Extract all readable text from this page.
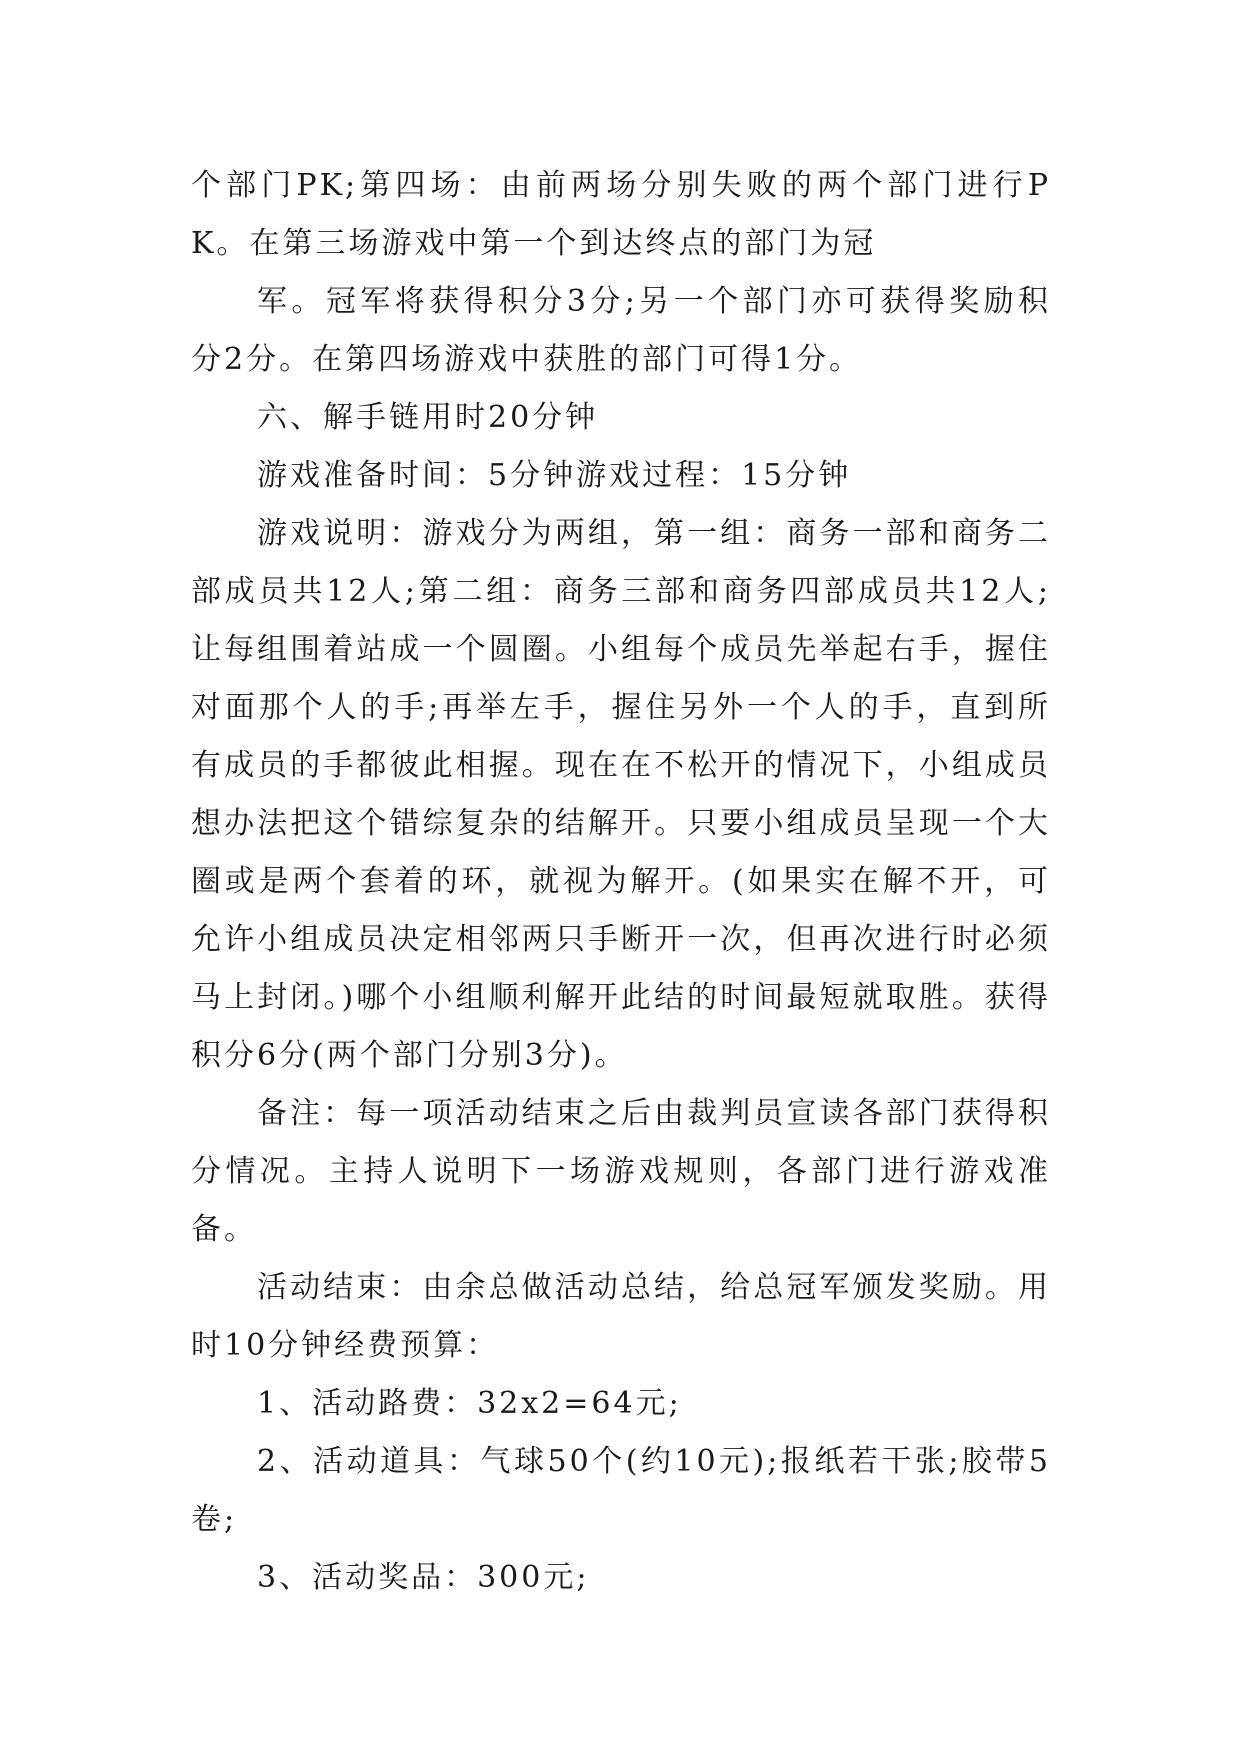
个部门PK;第四场：由前两场分别失败的两个部门进行PK。在第三场游戏中第一个到达终点的部门为冠

军。冠军将获得积分3分;另一个部门亦可获得奖励积分2分。在第四场游戏中获胜的部门可得1分。

六、解手链用时20分钟

游戏准备时间：5分钟游戏过程：15分钟

游戏说明：游戏分为两组，第一组：商务一部和商务二部成员共12人;第二组：商务三部和商务四部成员共12人;让每组围着站成一个圆圈。小组每个成员先举起右手，握住对面那个人的手;再举左手，握住另外一个人的手，直到所有成员的手都彼此相握。现在在不松开的情况下，小组成员想办法把这个错综复杂的结解开。只要小组成员呈现一个大圈或是两个套着的环，就视为解开。(如果实在解不开，可允许小组成员决定相邻两只手断开一次，但再次进行时必须马上封闭。)哪个小组顺利解开此结的时间最短就取胜。获得积分6分(两个部门分别3分)。

备注：每一项活动结束之后由裁判员宣读各部门获得积分情况。主持人说明下一场游戏规则，各部门进行游戏准备。

活动结束：由余总做活动总结，给总冠军颁发奖励。用时10分钟经费预算：

1、活动路费：32x2=64元;

2、活动道具：气球50个(约10元);报纸若干张;胶带5卷;

3、活动奖品：300元;
